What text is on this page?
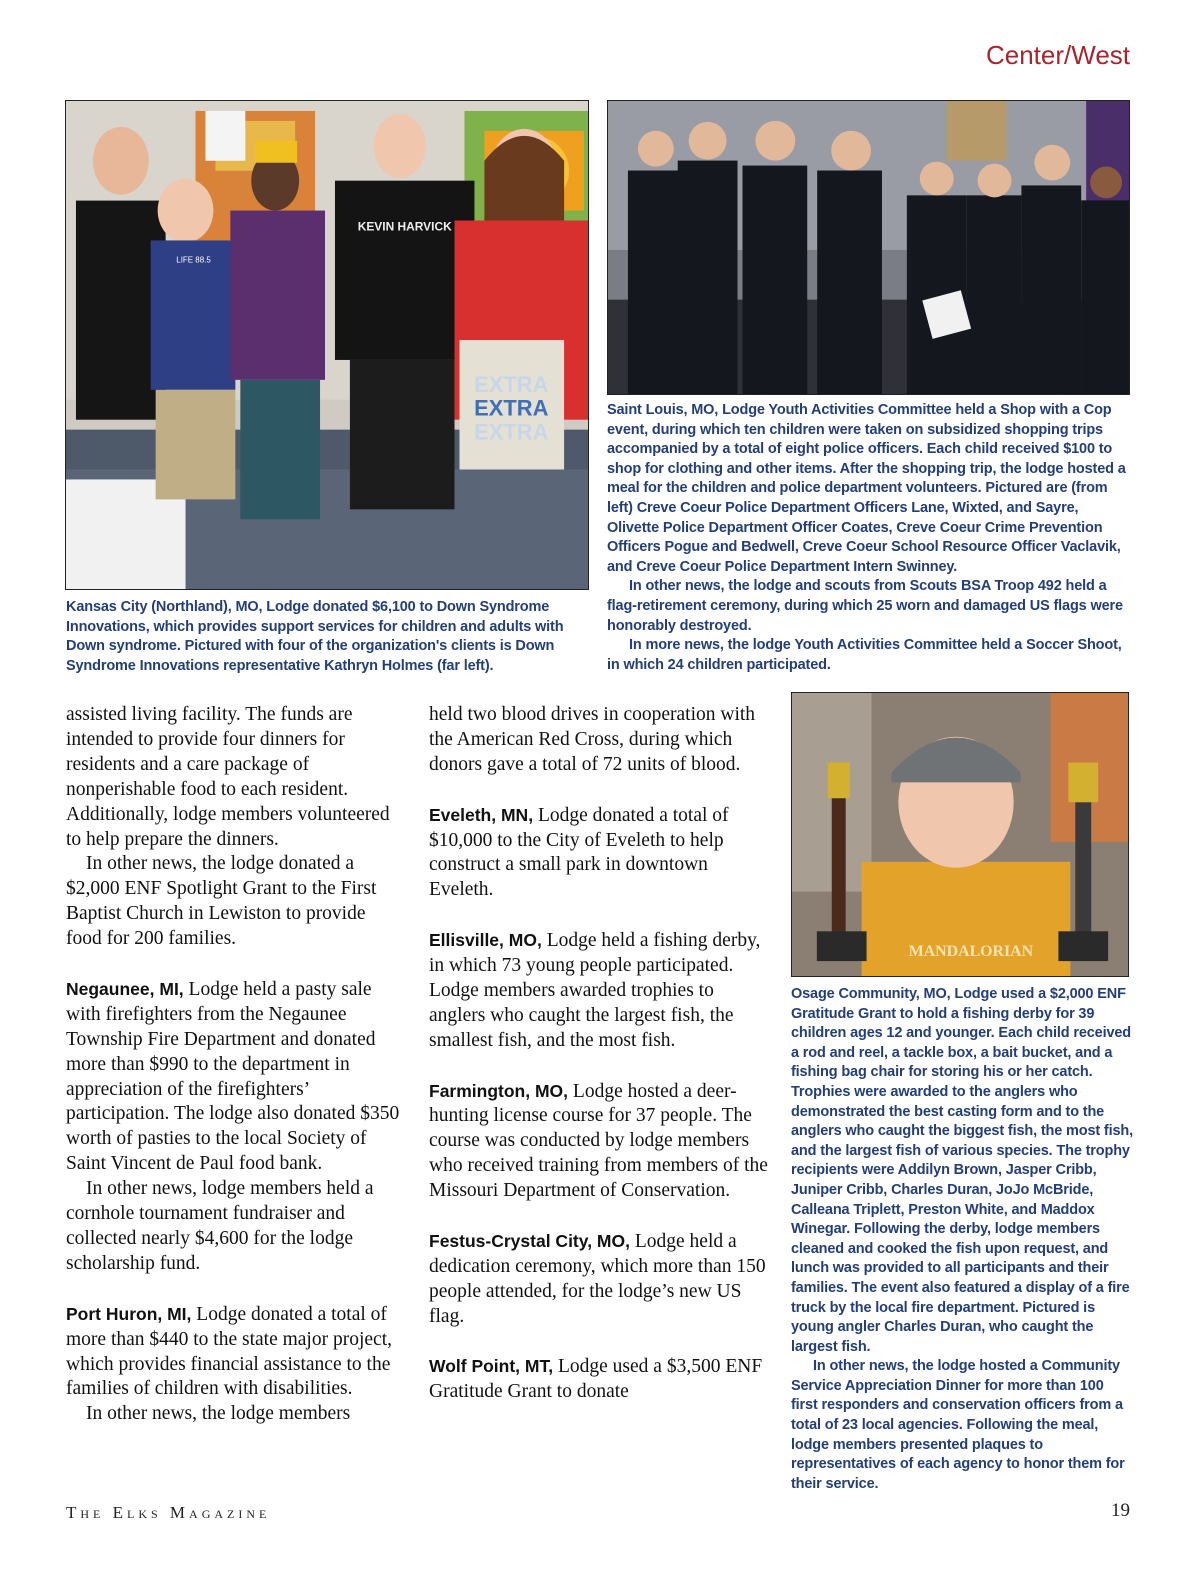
Center/West
EXTRA
EXTRA
EXTRA
LIFE 88.5
KEVIN HARVICK

Kansas City (Northland), MO, Lodge donated $6,100 to Down Syndrome Innovations, which provides support services for children and adults with Down syndrome. Pictured with four of the organization's clients is Down Syndrome Innovations representative Kathryn Holmes (far left).

Saint Louis, MO, Lodge Youth Activities Committee held a Shop with a Cop event, during which ten children were taken on subsidized shopping trips accompanied by a total of eight police officers. Each child received $100 to shop for clothing and other items. After the shopping trip, the lodge hosted a meal for the children and police department volunteers. Pictured are (from left) Creve Coeur Police Department Officers Lane, Wixted, and Sayre, Olivette Police Department Officer Coates, Creve Coeur Crime Prevention Officers Pogue and Bedwell, Creve Coeur School Resource Officer Vaclavik, and Creve Coeur Police Department Intern Swinney.

In other news, the lodge and scouts from Scouts BSA Troop 492 held a flag-retirement ceremony, during which 25 worn and damaged US flags were honorably destroyed.

In more news, the lodge Youth Activities Committee held a Soccer Shoot, in which 24 children participated.

MANDALORIAN

Osage Community, MO, Lodge used a $2,000 ENF Gratitude Grant to hold a fishing derby for 39 children ages 12 and younger. Each child received a rod and reel, a tackle box, a bait bucket, and a fishing bag chair for storing his or her catch. Trophies were awarded to the anglers who demonstrated the best casting form and to the anglers who caught the biggest fish, the most fish, and the largest fish of various species. The trophy recipients were Addilyn Brown, Jasper Cribb, Juniper Cribb, Charles Duran, JoJo McBride, Calleana Triplett, Preston White, and Maddox Winegar. Following the derby, lodge members cleaned and cooked the fish upon request, and lunch was provided to all participants and their families. The event also featured a display of a fire truck by the local fire department. Pictured is young angler Charles Duran, who caught the largest fish.

In other news, the lodge hosted a Community Service Appreciation Dinner for more than 100 first responders and conservation officers from a total of 23 local agencies. Following the meal, lodge members presented plaques to representatives of each agency to honor them for their service.

assisted living facility. The funds are intended to provide four dinners for residents and a care package of nonperishable food to each resident. Additionally, lodge members volunteered to help prepare the dinners.

In other news, the lodge donated a $2,000 ENF Spotlight Grant to the First Baptist Church in Lewiston to provide food for 200 families.

Negaunee, MI, Lodge held a pasty sale with firefighters from the Negaunee Township Fire Department and donated more than $990 to the department in appreciation of the firefighters’ participation. The lodge also donated $350 worth of pasties to the local Society of Saint Vincent de Paul food bank.

In other news, lodge members held a cornhole tournament fundraiser and collected nearly $4,600 for the lodge scholarship fund.

Port Huron, MI, Lodge donated a total of more than $440 to the state major project, which provides financial assistance to the families of children with disabilities.

In other news, the lodge members

held two blood drives in cooperation with the American Red Cross, during which donors gave a total of 72 units of blood.

Eveleth, MN, Lodge donated a total of $10,000 to the City of Eveleth to help construct a small park in downtown Eveleth.

Ellisville, MO, Lodge held a fishing derby, in which 73 young people participated. Lodge members awarded trophies to anglers who caught the largest fish, the smallest fish, and the most fish.

Farmington, MO, Lodge hosted a deer-hunting license course for 37 people. The course was conducted by lodge members who received training from members of the Missouri Department of Conservation.

Festus-Crystal City, MO, Lodge held a dedication ceremony, which more than 150 people attended, for the lodge’s new US flag.

Wolf Point, MT, Lodge used a $3,500 ENF Gratitude Grant to donate

The Elks Magazine	19
